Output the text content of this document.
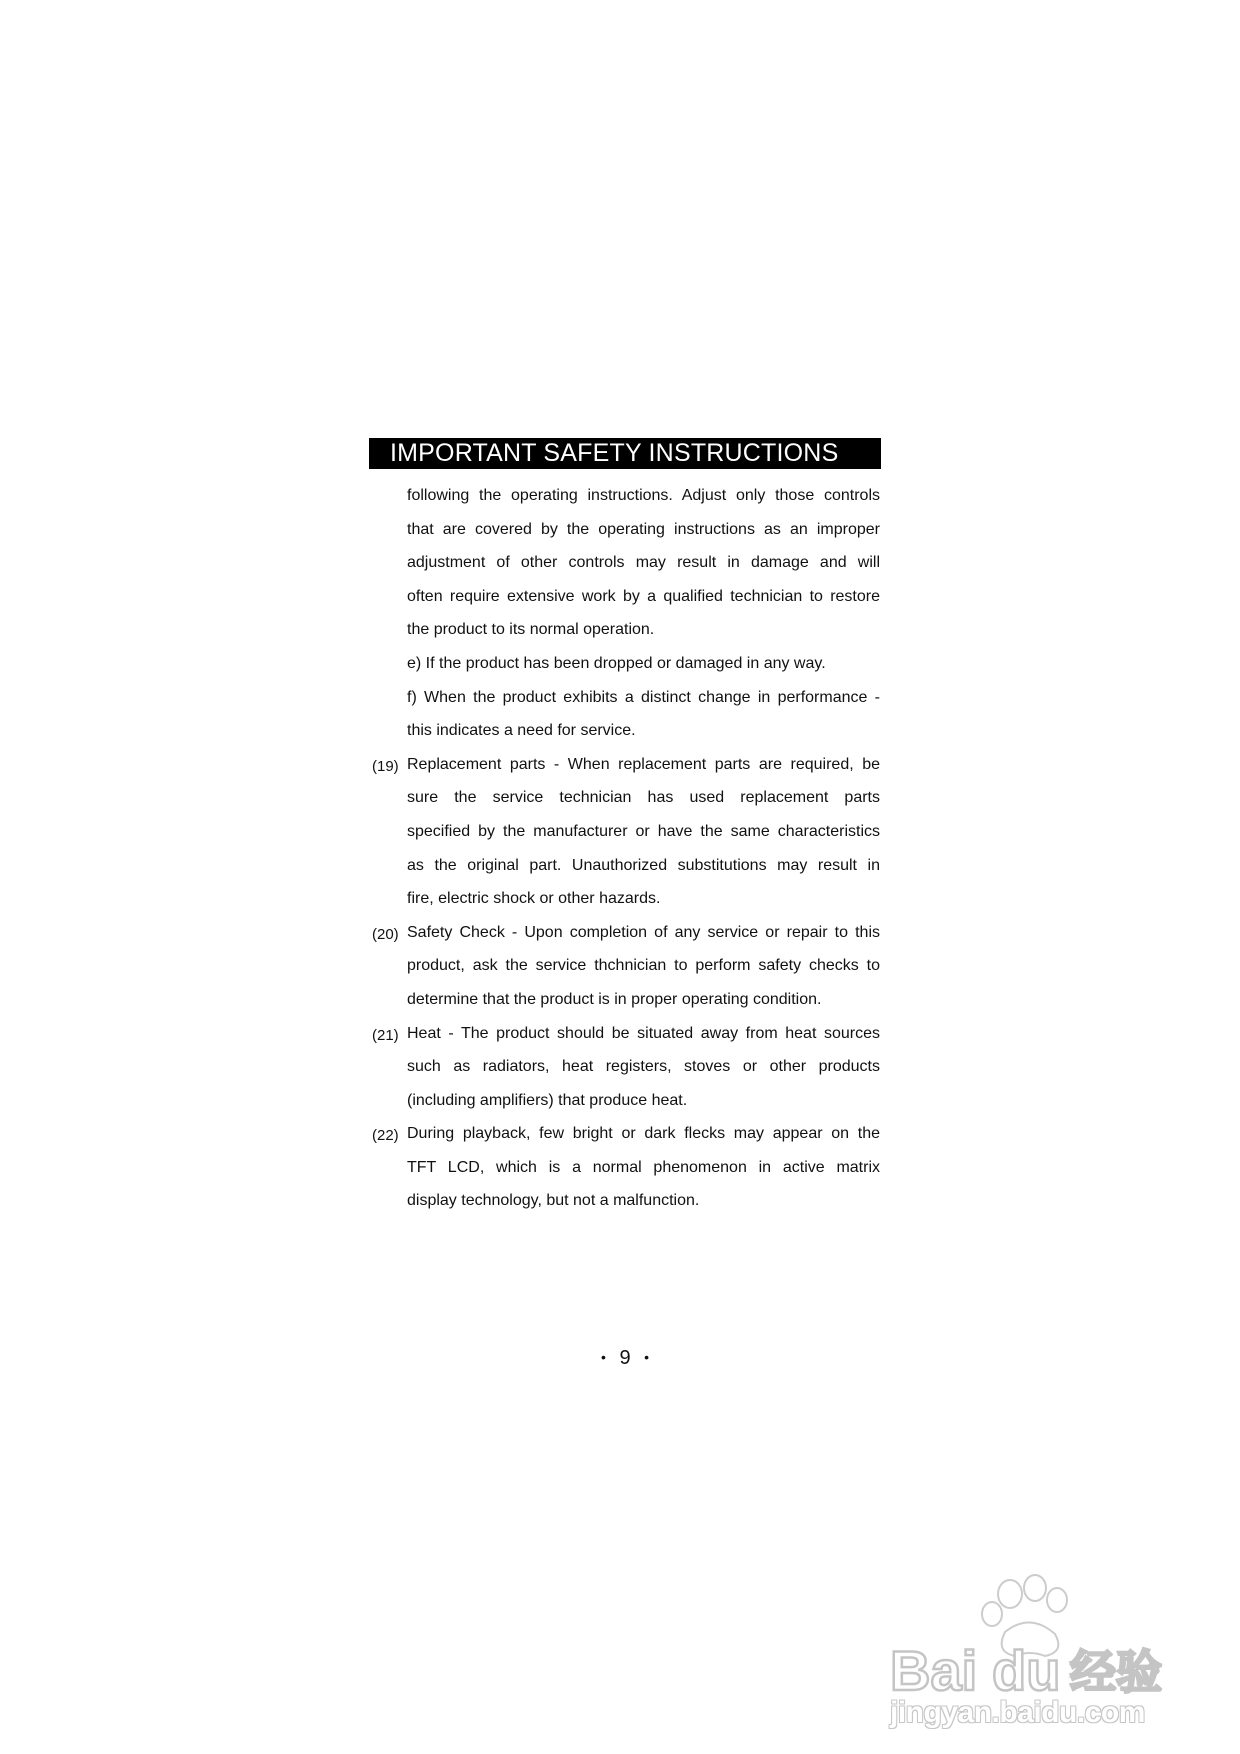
IMPORTANT SAFETY INSTRUCTIONS
following the operating instructions. Adjust only those controls
that are covered by the operating instructions as an improper
adjustment of other controls may result in damage and will
often require extensive work by a qualified technician to restore
the product to its normal operation.
e) If the product has been dropped or damaged in any way.
f) When the product exhibits a distinct change in performance -
this indicates a need for service.
(19) Replacement parts - When replacement parts are required, be
sure the service technician has used replacement parts
specified by the manufacturer or have the same characteristics
as the original part. Unauthorized substitutions may result in
fire, electric shock or other hazards.
(20) Safety Check - Upon completion of any service or repair to this
product, ask the service thchnician to perform safety checks to
determine that the product is in proper operating condition.
(21) Heat - The product should be situated away from heat sources
such as radiators, heat registers, stoves or other products
(including amplifiers) that produce heat.
(22) During playback, few bright or dark flecks may appear on the
TFT LCD, which is a normal phenomenon in active matrix
display technology, but not a malfunction.
• 9 •
Bai du 经验
jingyan.baidu.com
